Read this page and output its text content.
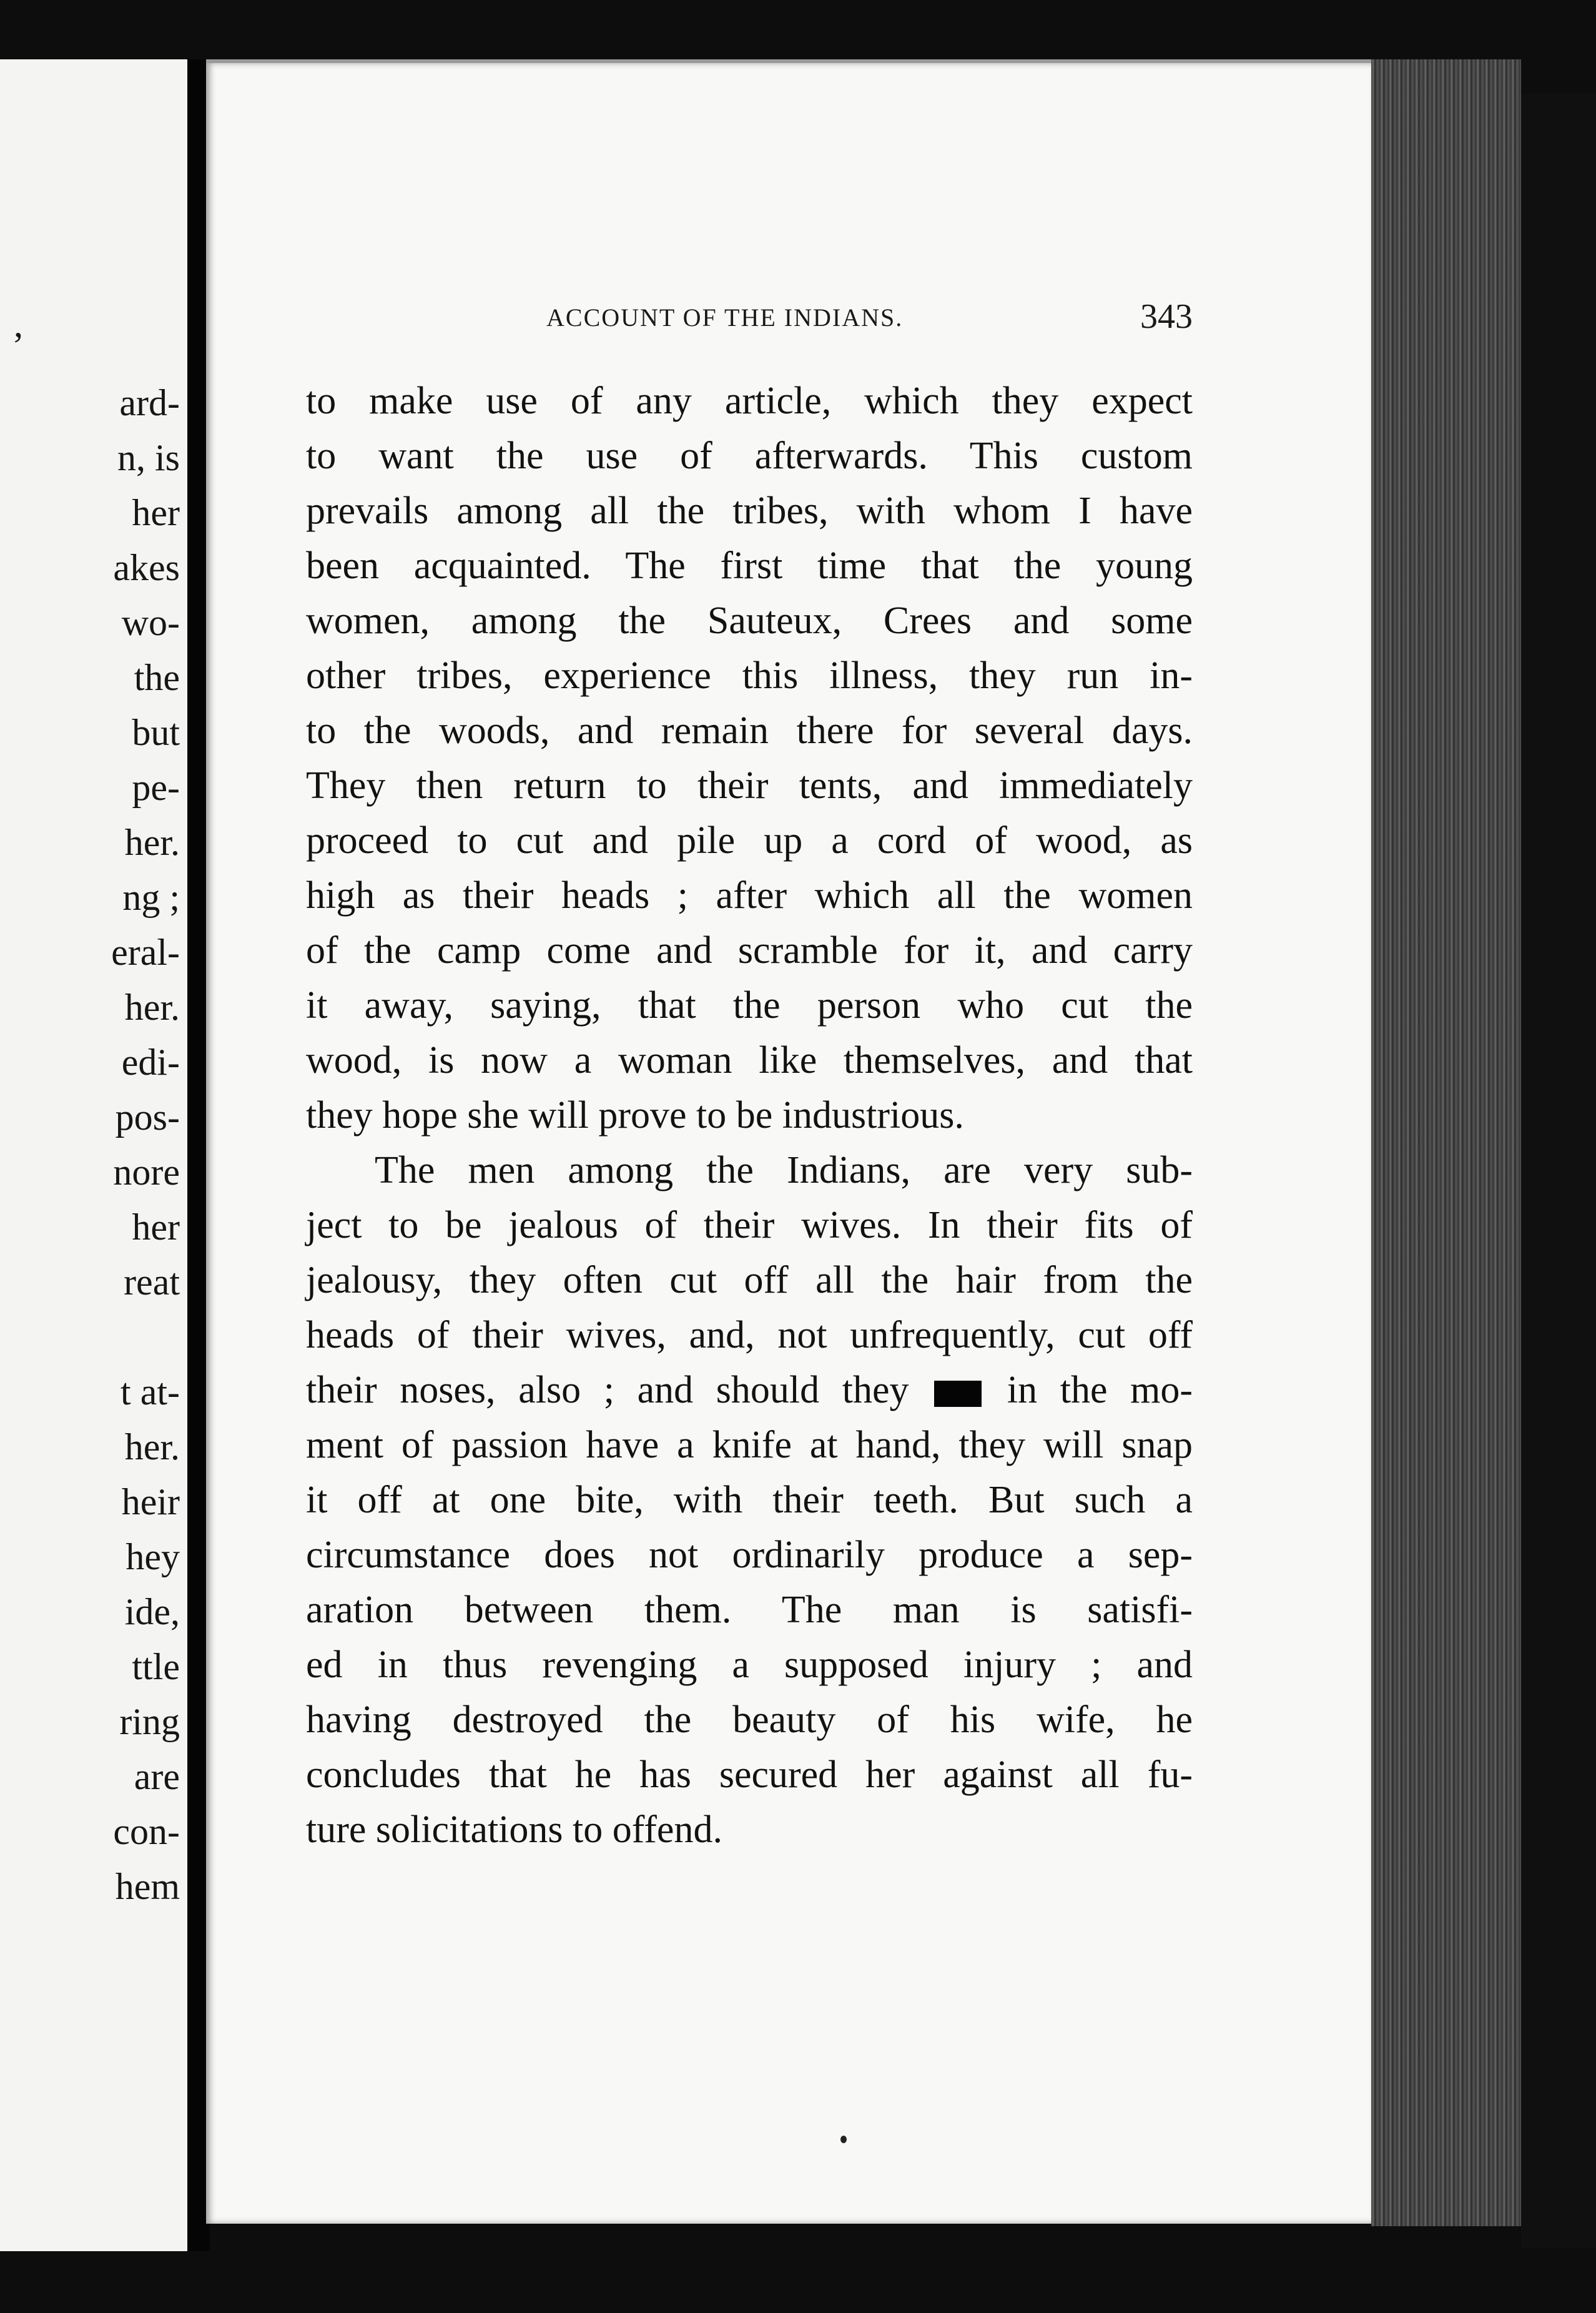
,
ard-
n, is
her
akes
wo-
the
but
pe-
her.
ng ;
eral-
her.
edi-
pos-
nore
her
reat
t at-
her.
heir
hey
ide,
ttle
ring
are
con-
hem
ACCOUNT OF THE INDIANS.	343
to make use of any article, which they expect
to want the use of afterwards. This custom
prevails among all the tribes, with whom I have
been acquainted. The first time that the young
women, among the Sauteux, Crees and some
other tribes, experience this illness, they run in-
to the woods, and remain there for several days.
They then return to their tents, and immediately
proceed to cut and pile up a cord of wood, as
high as their heads ; after which all the women
of the camp come and scramble for it, and carry
it away, saying, that the person who cut the
wood, is now a woman like themselves, and that
they hope she will prove to be industrious.
The men among the Indians, are very sub-
ject to be jealous of their wives. In their fits of
jealousy, they often cut off all the hair from the
heads of their wives, and, not unfrequently, cut off
their noses, also ; and should they	in the mo-
ment of passion have a knife at hand, they will snap
it off at one bite, with their teeth. But such a
circumstance does not ordinarily produce a sep-
aration between them. The man is satisfi-
ed in thus revenging a supposed injury ; and
having destroyed the beauty of his wife, he
concludes that he has secured her against all fu-
ture solicitations to offend.
